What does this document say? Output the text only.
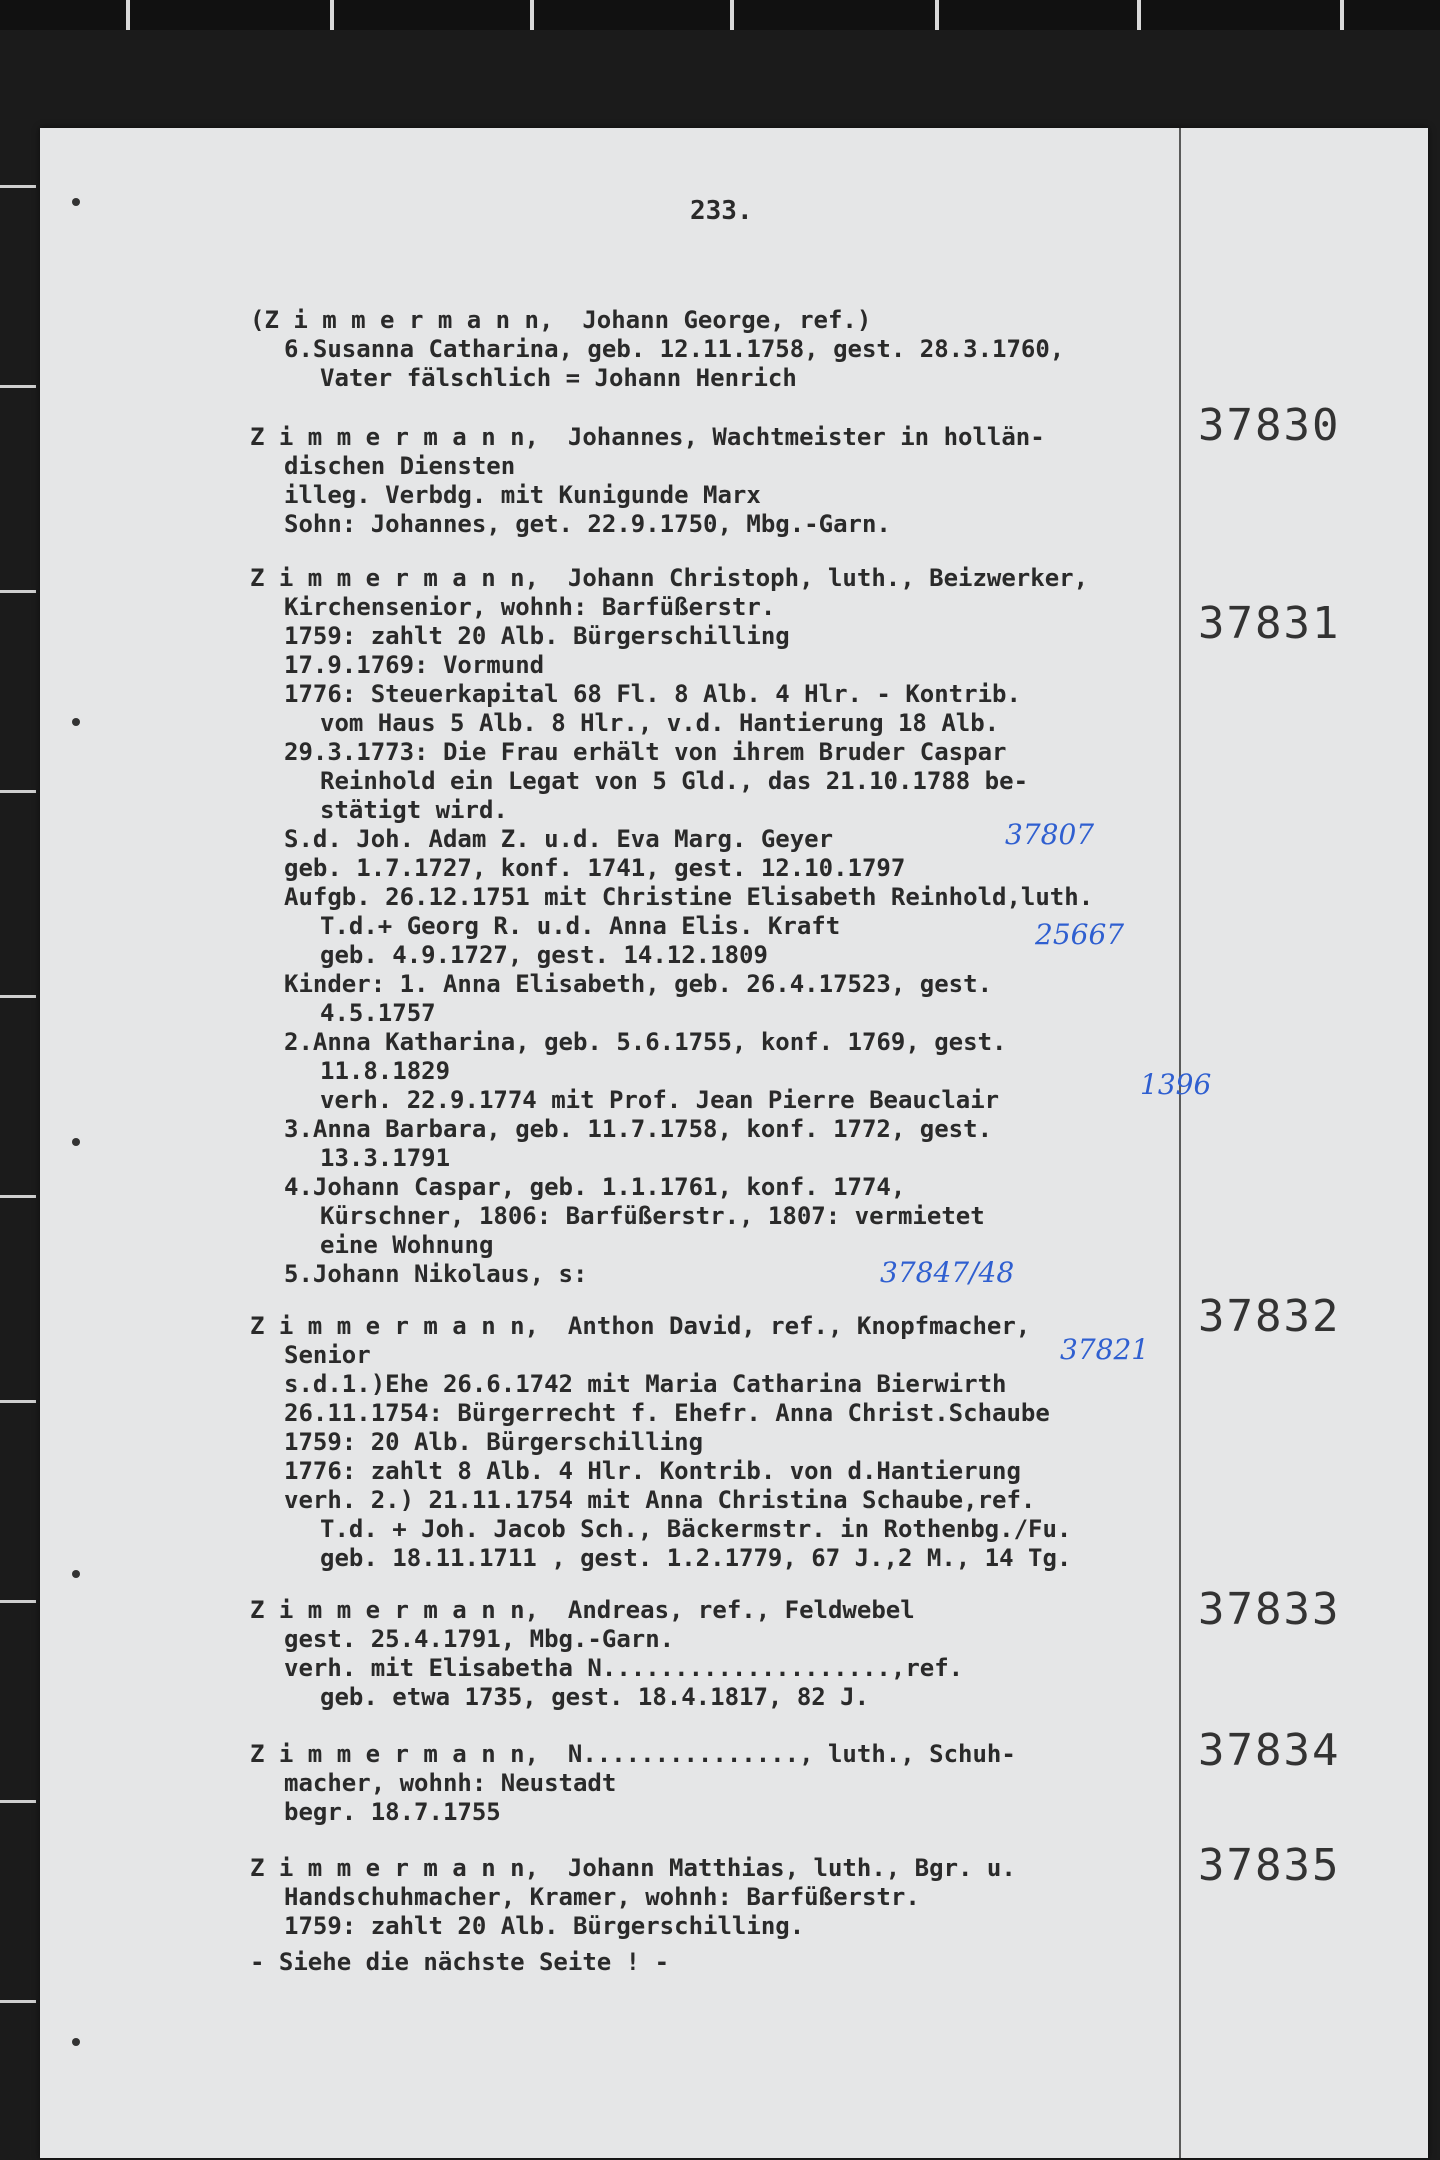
233.
(Z i m m e r m a n n,  Johann George, ref.)
6.Susanna Catharina, geb. 12.11.1758, gest. 28.3.1760,
Vater fälschlich = Johann Henrich
37830
Z i m m e r m a n n,  Johannes, Wachtmeister in hollän-
dischen Diensten
illeg. Verbdg. mit Kunigunde Marx
Sohn: Johannes, get. 22.9.1750, Mbg.-Garn.
37831
Z i m m e r m a n n,  Johann Christoph, luth., Beizwerker,
Kirchensenior, wohnh: Barfüßerstr.
1759: zahlt 20 Alb. Bürgerschilling
17.9.1769: Vormund
1776: Steuerkapital 68 Fl. 8 Alb. 4 Hlr. - Kontrib.
vom Haus 5 Alb. 8 Hlr., v.d. Hantierung 18 Alb.
29.3.1773: Die Frau erhält von ihrem Bruder Caspar
Reinhold ein Legat von 5 Gld., das 21.10.1788 be-
stätigt wird.
S.d. Joh. Adam Z. u.d. Eva Marg. Geyer
geb. 1.7.1727, konf. 1741, gest. 12.10.1797
Aufgb. 26.12.1751 mit Christine Elisabeth Reinhold,luth.
T.d.+ Georg R. u.d. Anna Elis. Kraft
geb. 4.9.1727, gest. 14.12.1809
Kinder: 1. Anna Elisabeth, geb. 26.4.17523, gest.
4.5.1757
2.Anna Katharina, geb. 5.6.1755, konf. 1769, gest.
11.8.1829
verh. 22.9.1774 mit Prof. Jean Pierre Beauclair
3.Anna Barbara, geb. 11.7.1758, konf. 1772, gest.
13.3.1791
4.Johann Caspar, geb. 1.1.1761, konf. 1774,
Kürschner, 1806: Barfüßerstr., 1807: vermietet
eine Wohnung
5.Johann Nikolaus, s:
37807
25667
1396
37847/48
37832
Z i m m e r m a n n,  Anthon David, ref., Knopfmacher,
Senior
s.d.1.)Ehe 26.6.1742 mit Maria Catharina Bierwirth
26.11.1754: Bürgerrecht f. Ehefr. Anna Christ.Schaube
1759: 20 Alb. Bürgerschilling
1776: zahlt 8 Alb. 4 Hlr. Kontrib. von d.Hantierung
verh. 2.) 21.11.1754 mit Anna Christina Schaube,ref.
T.d. + Joh. Jacob Sch., Bäckermstr. in Rothenbg./Fu.
geb. 18.11.1711 , gest. 1.2.1779, 67 J.,2 M., 14 Tg.
37821
37833
Z i m m e r m a n n,  Andreas, ref., Feldwebel
gest. 25.4.1791, Mbg.-Garn.
verh. mit Elisabetha N....................,ref.
geb. etwa 1735, gest. 18.4.1817, 82 J.
37834
Z i m m e r m a n n,  N..............., luth., Schuh-
macher, wohnh: Neustadt
begr. 18.7.1755
37835
Z i m m e r m a n n,  Johann Matthias, luth., Bgr. u.
Handschuhmacher, Kramer, wohnh: Barfüßerstr.
1759: zahlt 20 Alb. Bürgerschilling.
- Siehe die nächste Seite ! -
